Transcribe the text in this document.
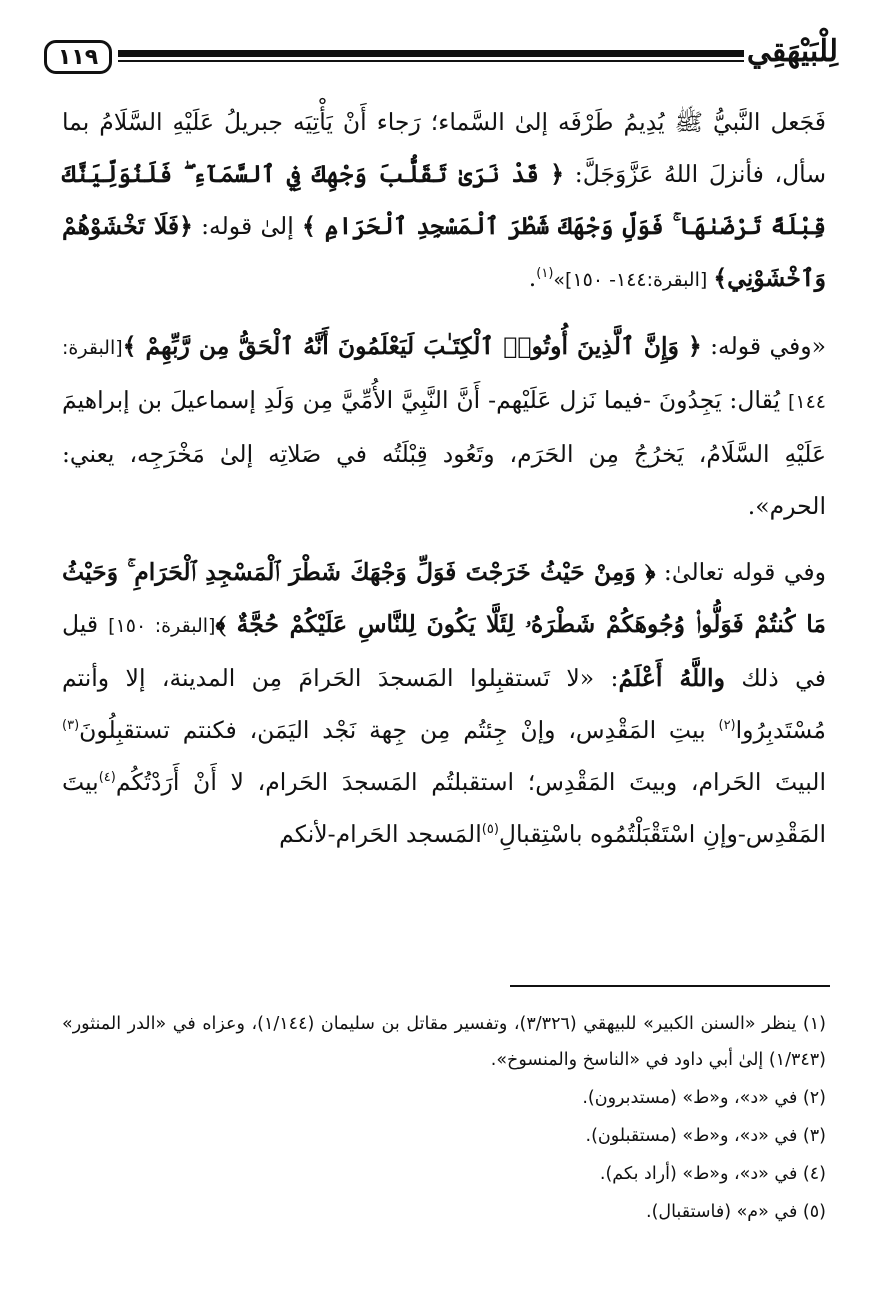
١١٩	لِلْبَيْهَقِي

فَجَعل النَّبيُّ ﷺ يُدِيمُ طَرْفَه إلىٰ السَّماء؛ رَجاء أَنْ يَأْتِيَه جبريلُ عَلَيْهِ السَّلَامُ بما سأل، فأنزلَ اللهُ عَزَّوَجَلَّ: ﴿ قَدْ نَرَىٰ تَقَلُّبَ وَجْهِكَ فِي ٱلسَّمَآءِ ۖ فَلَنُوَلِّيَنَّكَ قِبْلَةً تَرْضَىٰهَا ۚ فَوَلِّ وَجْهَكَ شَطْرَ ٱلْمَسْجِدِ ٱلْحَرَامِ ﴾ إلىٰ قوله: ﴿فَلَا تَخْشَوْهُمْ وَٱخْشَوْنِي﴾ [البقرة:١٤٤- ١٥٠]»$^{(١)}$.

«وفي قوله: ﴿ وَإِنَّ ٱلَّذِينَ أُوتُوا۟ ٱلْكِتَـٰبَ لَيَعْلَمُونَ أَنَّهُ ٱلْحَقُّ مِن رَّبِّهِمْ ﴾[البقرة: ١٤٤] يُقال: يَجِدُونَ -فيما نَزل عَلَيْهم- أَنَّ النَّبِيَّ الأُمِّيَّ مِن وَلَدِ إسماعيلَ بن إبراهيمَ عَلَيْهِ السَّلَامُ، يَخرُجُ مِن الحَرَم، وتَعُود قِبْلَتُه في صَلاتِه إلىٰ مَخْرَجِه، يعني: الحرم».

وفي قوله تعالىٰ: ﴿ وَمِنْ حَيْثُ خَرَجْتَ فَوَلِّ وَجْهَكَ شَطْرَ ٱلْمَسْجِدِ ٱلْحَرَامِ ۚ وَحَيْثُ مَا كُنتُمْ فَوَلُّوا۟ وُجُوهَكُمْ شَطْرَهُۥ لِئَلَّا يَكُونَ لِلنَّاسِ عَلَيْكُمْ حُجَّةٌ ﴾[البقرة: ١٥٠] قيل في ذلك واللَّهُ أَعْلَمُ: «لا تَستقبِلوا المَسجدَ الحَرامَ مِن المدينة، إلا وأنتم مُسْتَدبِرُوا$^{(٢)}$ بيتِ المَقْدِس، وإنْ جِئتُم مِن جِهة نَجْد اليَمَن، فكنتم تستقبِلُونَ$^{(٣)}$ البيتَ الحَرام، وبيتَ المَقْدِس؛ استقبلتُم المَسجدَ الحَرام، لا أَنْ أَرَدْتُكُم$^{(٤)}$بيتَ المَقْدِس-وإنِ اسْتَقْبَلْتُمُوه باسْتِقبالِ$^{(٥)}$المَسجد الحَرام-لأنكم

(١) ينظر «السنن الكبير» للبيهقي (٣/٣٢٦)، وتفسير مقاتل بن سليمان (١/١٤٤)، وعزاه في «الدر المنثور» (١/٣٤٣) إلىٰ أبي داود في «الناسخ والمنسوخ».

(٢) في «د»، و«ط» (مستدبرون).

(٣) في «د»، و«ط» (مستقبلون).

(٤) في «د»، و«ط» (أراد بكم).

(٥) في «م» (فاستقبال).
